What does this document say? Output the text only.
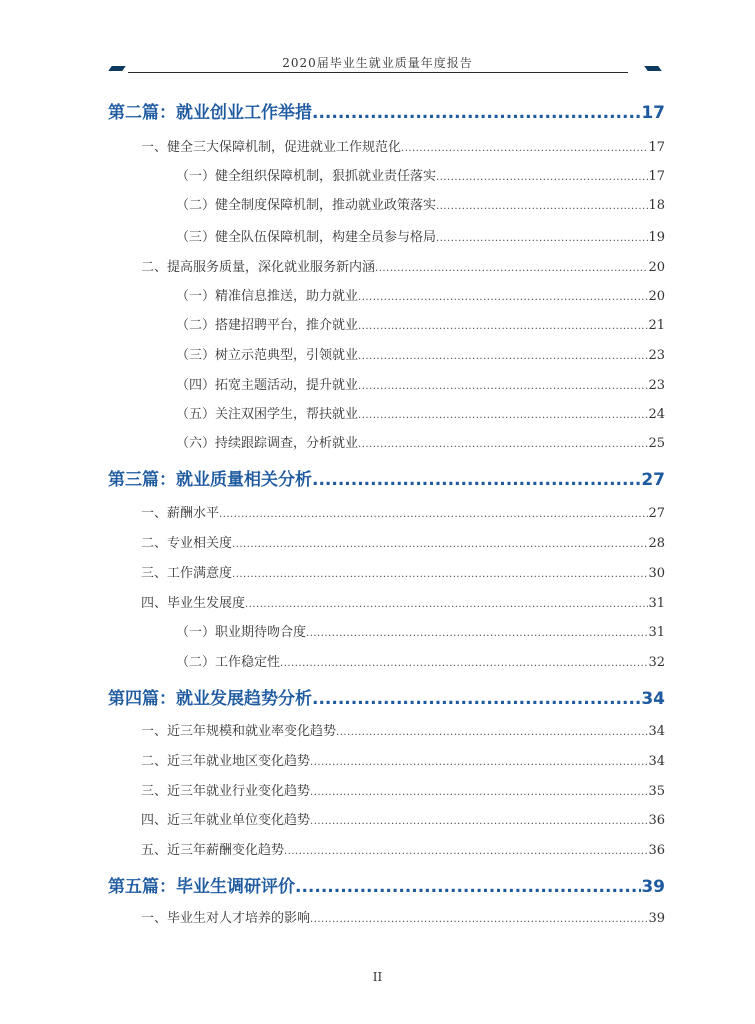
2020届毕业生就业质量年度报告
第二篇：就业创业工作举措 .....	17
一、健全三大保障机制，促进就业工作规范化 .....	17
（一）健全组织保障机制，狠抓就业责任落实 .....	17
（二）健全制度保障机制，推动就业政策落实 .....	18
（三）健全队伍保障机制，构建全员参与格局 .....	19
二、提高服务质量，深化就业服务新内涵 .....	20
（一）精准信息推送，助力就业 .....	20
（二）搭建招聘平台，推介就业 .....	21
（三）树立示范典型，引领就业 .....	23
（四）拓宽主题活动，提升就业 .....	23
（五）关注双困学生，帮扶就业 .....	24
（六）持续跟踪调查，分析就业 .....	25
第三篇：就业质量相关分析 .....	27
一、薪酬水平 .....	27
二、专业相关度 .....	28
三、工作满意度 .....	30
四、毕业生发展度 .....	31
（一）职业期待吻合度 .....	31
（二）工作稳定性 .....	32
第四篇：就业发展趋势分析 .....	34
一、近三年规模和就业率变化趋势 .....	34
二、近三年就业地区变化趋势 .....	34
三、近三年就业行业变化趋势 .....	35
四、近三年就业单位变化趋势 .....	36
五、近三年薪酬变化趋势 .....	36
第五篇：毕业生调研评价 .....	39
一、毕业生对人才培养的影响 .....	39
II
